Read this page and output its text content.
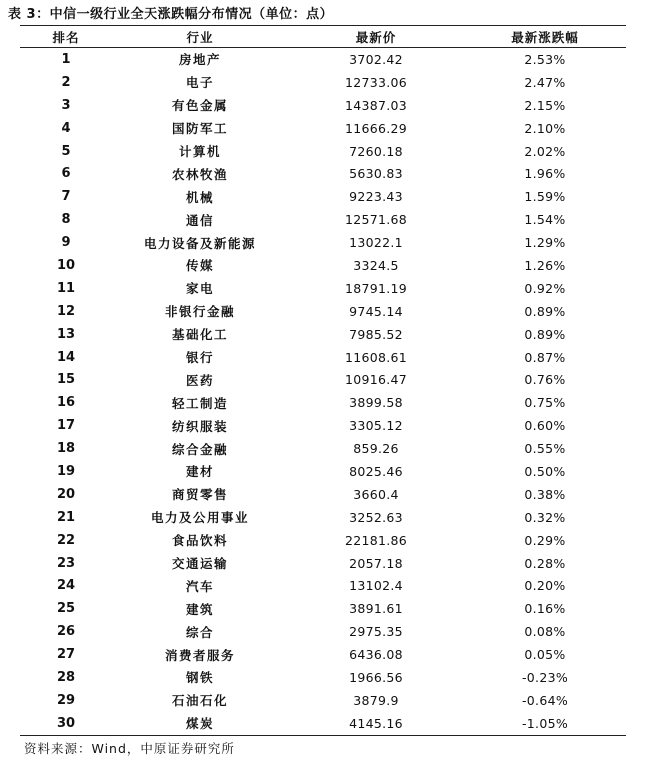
表 3：中信一级行业全天涨跌幅分布情况（单位：点）
排名	行业	最新价	最新涨跌幅
1	房地产	3702.42	2.53%
2	电子	12733.06	2.47%
3	有色金属	14387.03	2.15%
4	国防军工	11666.29	2.10%
5	计算机	7260.18	2.02%
6	农林牧渔	5630.83	1.96%
7	机械	9223.43	1.59%
8	通信	12571.68	1.54%
9	电力设备及新能源	13022.1	1.29%
10	传媒	3324.5	1.26%
11	家电	18791.19	0.92%
12	非银行金融	9745.14	0.89%
13	基础化工	7985.52	0.89%
14	银行	11608.61	0.87%
15	医药	10916.47	0.76%
16	轻工制造	3899.58	0.75%
17	纺织服装	3305.12	0.60%
18	综合金融	859.26	0.55%
19	建材	8025.46	0.50%
20	商贸零售	3660.4	0.38%
21	电力及公用事业	3252.63	0.32%
22	食品饮料	22181.86	0.29%
23	交通运输	2057.18	0.28%
24	汽车	13102.4	0.20%
25	建筑	3891.61	0.16%
26	综合	2975.35	0.08%
27	消费者服务	6436.08	0.05%
28	钢铁	1966.56	-0.23%
29	石油石化	3879.9	-0.64%
30	煤炭	4145.16	-1.05%
资料来源：Wind，中原证券研究所
